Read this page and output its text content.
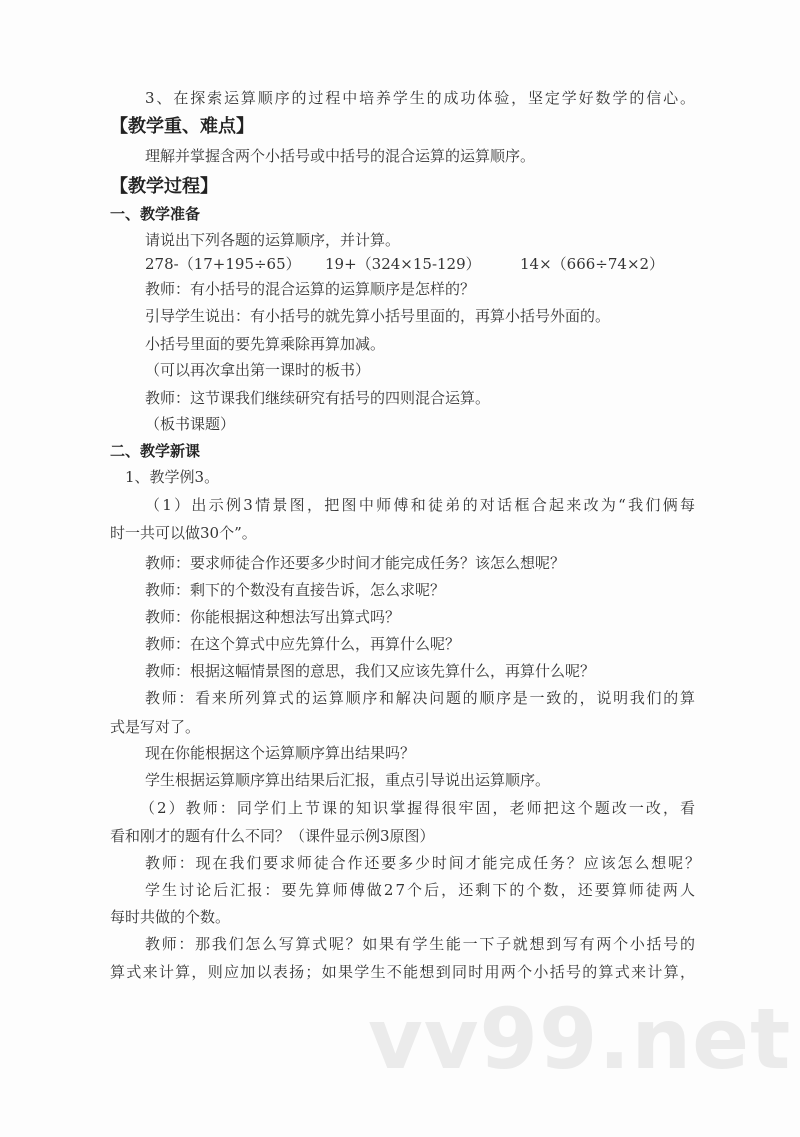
vv99.net
3、在探索运算顺序的过程中培养学生的成功体验，坚定学好数学的信心。
【教学重、难点】
理解并掌握含两个小括号或中括号的混合运算的运算顺序。
【教学过程】
一、教学准备
请说出下列各题的运算顺序，并计算。
278-（17+195÷65） 19+（324×15-129）	14×（666÷74×2）
教师：有小括号的混合运算的运算顺序是怎样的？
引导学生说出：有小括号的就先算小括号里面的，再算小括号外面的。
小括号里面的要先算乘除再算加减。
（可以再次拿出第一课时的板书）
教师：这节课我们继续研究有括号的四则混合运算。
（板书课题）
二、教学新课
1、教学例3。
（1）出示例3情景图，把图中师傅和徒弟的对话框合起来改为“我们俩每
时一共可以做30个”。
教师：要求师徒合作还要多少时间才能完成任务？该怎么想呢？
教师：剩下的个数没有直接告诉，怎么求呢？
教师：你能根据这种想法写出算式吗？
教师：在这个算式中应先算什么，再算什么呢？
教师：根据这幅情景图的意思，我们又应该先算什么，再算什么呢？
教师：看来所列算式的运算顺序和解决问题的顺序是一致的，说明我们的算
式是写对了。
现在你能根据这个运算顺序算出结果吗？
学生根据运算顺序算出结果后汇报，重点引导说出运算顺序。
（2）教师：同学们上节课的知识掌握得很牢固，老师把这个题改一改，看
看和刚才的题有什么不同？（课件显示例3原图）
教师：现在我们要求师徒合作还要多少时间才能完成任务？应该怎么想呢？
学生讨论后汇报：要先算师傅做27个后，还剩下的个数，还要算师徒两人
每时共做的个数。
教师：那我们怎么写算式呢？如果有学生能一下子就想到写有两个小括号的
算式来计算，则应加以表扬；如果学生不能想到同时用两个小括号的算式来计算，
